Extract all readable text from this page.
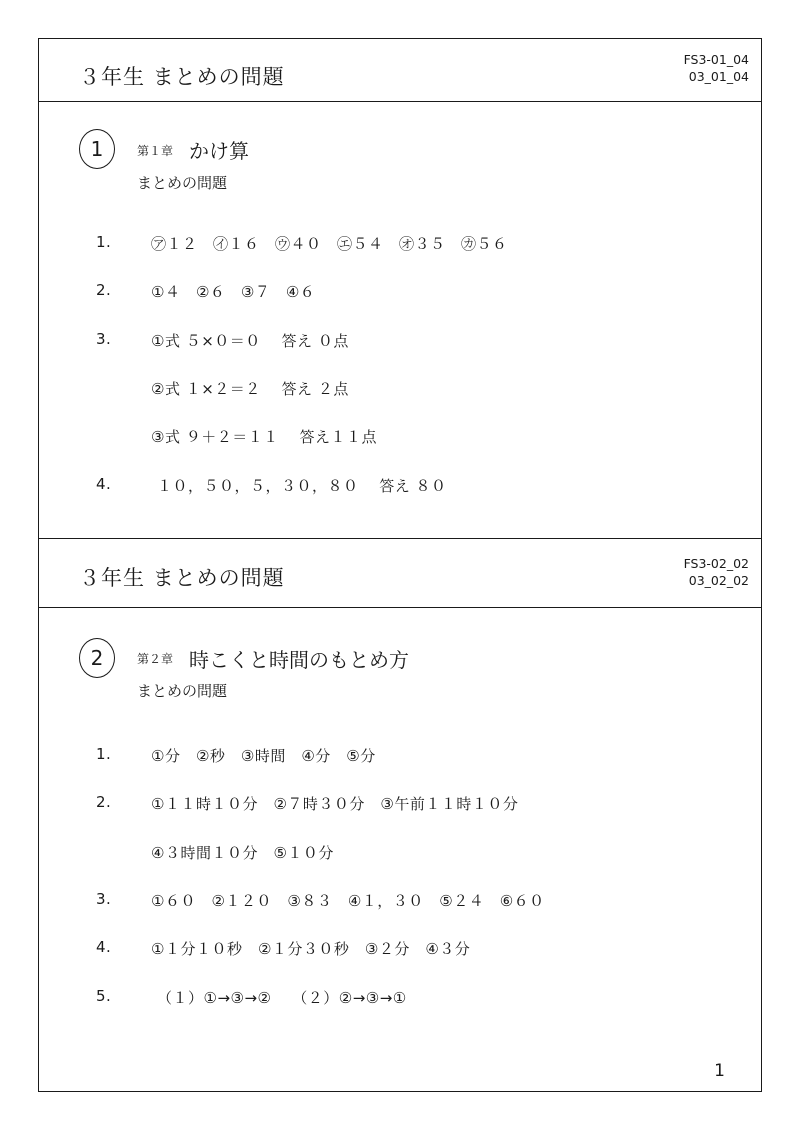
３年生 まとめの問題
FS3-01_04
03_01_04
1	第１章 かけ算
まとめの問題
1.	㋐１２　㋑１６　㋒４０　㋓５４　㋔３５　㋕５６
2.	①４　②６　③７　④６
3.	①式 ５×０＝０　 答え ０点
②式 １×２＝２　 答え ２点
③式 ９＋２＝１１　 答え１１点
4.	１０，５０，５，３０，８０　 答え ８０
３年生 まとめの問題
FS3-02_02
03_02_02
2	第２章 時こくと時間のもとめ方
まとめの問題
1.	①分　②秒　③時間　④分　⑤分
2.	①１１時１０分　②７時３０分　③午前１１時１０分
④３時間１０分　⑤１０分
3.	①６０　②１２０　③８３　④１，３０　⑤２４　⑥６０
4.	①１分１０秒　②１分３０秒　③２分　④３分
5.	（１）①→③→②　 （２）②→③→①
1
